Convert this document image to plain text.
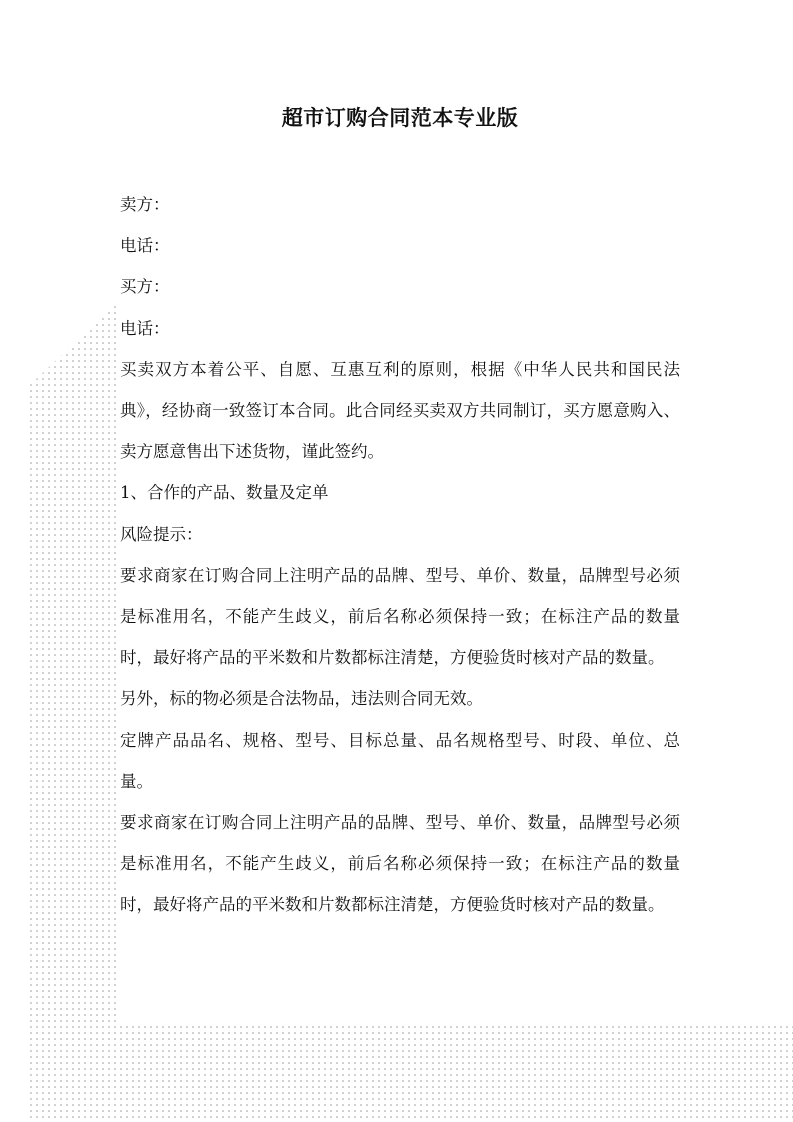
超市订购合同范本专业版

卖方：

电话：

买方：

电话：

买卖双方本着公平、自愿、互惠互利的原则，根据《中华人民共和国民法典》，经协商一致签订本合同。此合同经买卖双方共同制订，买方愿意购入、卖方愿意售出下述货物，谨此签约。

1、合作的产品、数量及定单

风险提示：

要求商家在订购合同上注明产品的品牌、型号、单价、数量，品牌型号必须是标准用名，不能产生歧义，前后名称必须保持一致；在标注产品的数量时，最好将产品的平米数和片数都标注清楚，方便验货时核对产品的数量。

另外，标的物必须是合法物品，违法则合同无效。

定牌产品品名、规格、型号、目标总量、品名规格型号、时段、单位、总量。

要求商家在订购合同上注明产品的品牌、型号、单价、数量，品牌型号必须是标准用名，不能产生歧义，前后名称必须保持一致；在标注产品的数量时，最好将产品的平米数和片数都标注清楚，方便验货时核对产品的数量。
